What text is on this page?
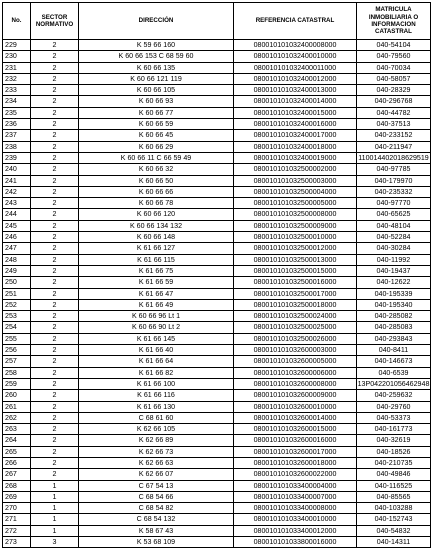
No.	SECTOR NORMATIVO	DIRECCIÓN	REFERENCIA CATASTRAL	MATRICULA INMOBILIARIA O INFORMACION CATASTRAL
229	2	K 59 66 160	080010101032400008000	040-54104
230	2	K 60 66 153 C 68 59 60	080010101032400010000	040-79560
231	2	K 60 66 135	080010101032400011000	040-70034
232	2	K 60 66 121 119	080010101032400012000	040-58057
233	2	K 60 66 105	080010101032400013000	040-28329
234	2	K 60 66 93	080010101032400014000	040-296768
235	2	K 60 66 77	080010101032400015000	040-44782
236	2	K 60 66 59	080010101032400016000	040-37513
237	2	K 60 66 45	080010101032400017000	040-233152
238	2	K 60 66 29	080010101032400018000	040-211947
239	2	K 60 66 11 C 66 59 49	080010101032400019000	110014402018629519
240	2	K 60 66 32	080010101032500002000	040-97785
241	2	K 60 66 50	080010101032500003000	040-179970
242	2	K 60 66 66	080010101032500004000	040-235332
243	2	K 60 66 78	080010101032500005000	040-97770
244	2	K 60 66 120	080010101032500008000	040-65625
245	2	K 60 66 134 132	080010101032500009000	040-48104
246	2	K 60 66 148	080010101032500010000	040-52284
247	2	K 61 66 127	080010101032500012000	040-30284
248	2	K 61 66 115	080010101032500013000	040-11992
249	2	K 61 66 75	080010101032500015000	040-19437
250	2	K 61 66 59	080010101032500016000	040-12622
251	2	K 61 66 47	080010101032500017000	040-195339
252	2	K 61 66 49	080010101032500018000	040-195340
253	2	K 60 66 96 Lt 1	080010101032500024000	040-285082
254	2	K 60 66 90 Lt 2	080010101032500025000	040-285083
255	2	K 61 66 145	080010101032500026000	040-293843
256	2	K 61 66 40	080010101032600003000	040-8411
257	2	K 61 66 64	080010101032600005000	040-146673
258	2	K 61 66 82	080010101032600006000	040-6539
259	2	K 61 66 100	080010101032600008000	13P042201056462948
260	2	K 61 66 116	080010101032600009000	040-259632
261	2	K 61 66 130	080010101032600010000	040-29760
262	2	C 68 61 60	080010101032600014000	040-53373
263	2	K 62 66 105	080010101032600015000	040-161773
264	2	K 62 66 89	080010101032600016000	040-32619
265	2	K 62 66 73	080010101032600017000	040-18526
266	2	K 62 66 63	080010101032600018000	040-210735
267	2	K 62 66 07	080010101032600022000	040-49846
268	1	C 67 54 13	080010101033400004000	040-116525
269	1	C 68 54 66	080010101033400007000	040-85565
270	1	C 68 54 82	080010101033400008000	040-103288
271	1	C 68 54 132	080010101033400010000	040-152743
272	1	K 58 67 43	080010101033400012000	040-54832
273	3	K 53 68 109	080010101033800016000	040-14311
